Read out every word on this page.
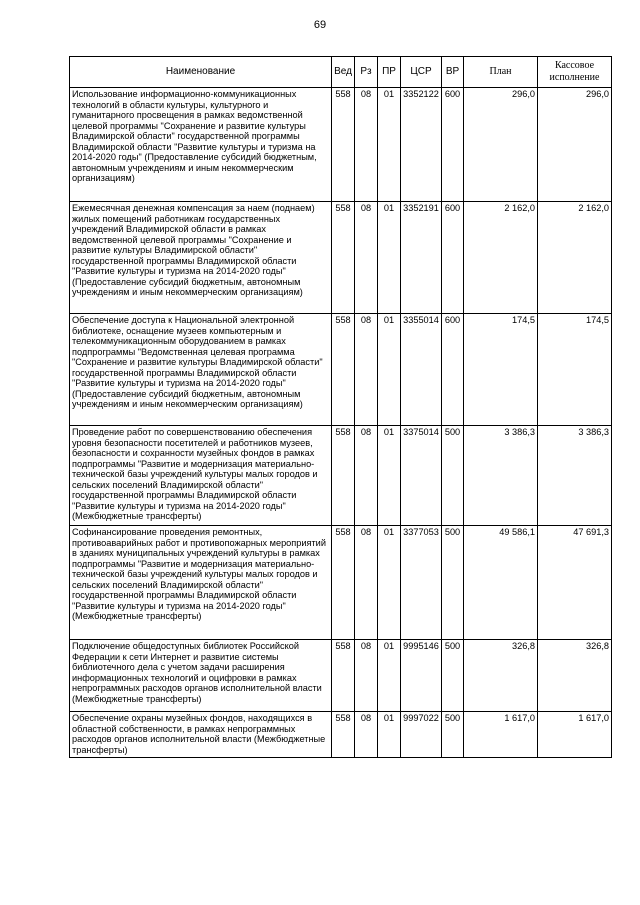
69
Наименование	Вед	Рз	ПР	ЦСР	ВР	План	Кассовое исполнение
Использование информационно-коммуникационных технологий в области культуры, культурного и гуманитарного просвещения в рамках ведомственной целевой программы "Сохранение и развитие культуры Владимирской области" государственной программы Владимирской области "Развитие культуры и туризма на 2014-2020 годы" (Предоставление субсидий бюджетным, автономным учреждениям и иным некоммерческим организациям)	558	08	01	3352122	600	296,0	296,0
Ежемесячная денежная компенсация за наем (поднаем) жилых помещений работникам государственных учреждений Владимирской области в рамках ведомственной целевой программы "Сохранение и развитие культуры Владимирской области" государственной программы Владимирской области "Развитие культуры и туризма на 2014-2020 годы" (Предоставление субсидий бюджетным, автономным учреждениям и иным некоммерческим организациям)	558	08	01	3352191	600	2 162,0	2 162,0
Обеспечение доступа к Национальной электронной библиотеке, оснащение музеев компьютерным и телекоммуникационным оборудованием в рамках подпрограммы "Ведомственная целевая программа "Сохранение и развитие культуры Владимирской области" государственной программы Владимирской области "Развитие культуры и туризма на 2014-2020 годы" (Предоставление субсидий бюджетным, автономным учреждениям и иным некоммерческим организациям)	558	08	01	3355014	600	174,5	174,5
Проведение работ по совершенствованию обеспечения уровня безопасности посетителей и работников музеев, безопасности и сохранности музейных фондов в рамках подпрограммы "Развитие и модернизация материально-технической базы учреждений культуры малых городов и сельских поселений Владимирской области" государственной программы Владимирской области "Развитие культуры и туризма на 2014-2020 годы" (Межбюджетные трансферты)	558	08	01	3375014	500	3 386,3	3 386,3
Софинансирование проведения ремонтных, противоаварийных работ и противопожарных мероприятий в зданиях муниципальных учреждений культуры в рамках подпрограммы "Развитие и модернизация материально-технической базы учреждений культуры малых городов и сельских поселений Владимирской области" государственной программы Владимирской области "Развитие культуры и туризма на 2014-2020 годы" (Межбюджетные трансферты)	558	08	01	3377053	500	49 586,1	47 691,3
Подключение общедоступных библиотек Российской Федерации к сети Интернет и развитие системы библиотечного дела с учетом задачи расширения информационных технологий и оцифровки в рамках непрограммных расходов органов исполнительной власти (Межбюджетные трансферты)	558	08	01	9995146	500	326,8	326,8
Обеспечение охраны музейных фондов, находящихся в областной собственности, в рамках непрограммных расходов органов исполнительной власти (Межбюджетные трансферты)	558	08	01	9997022	500	1 617,0	1 617,0
